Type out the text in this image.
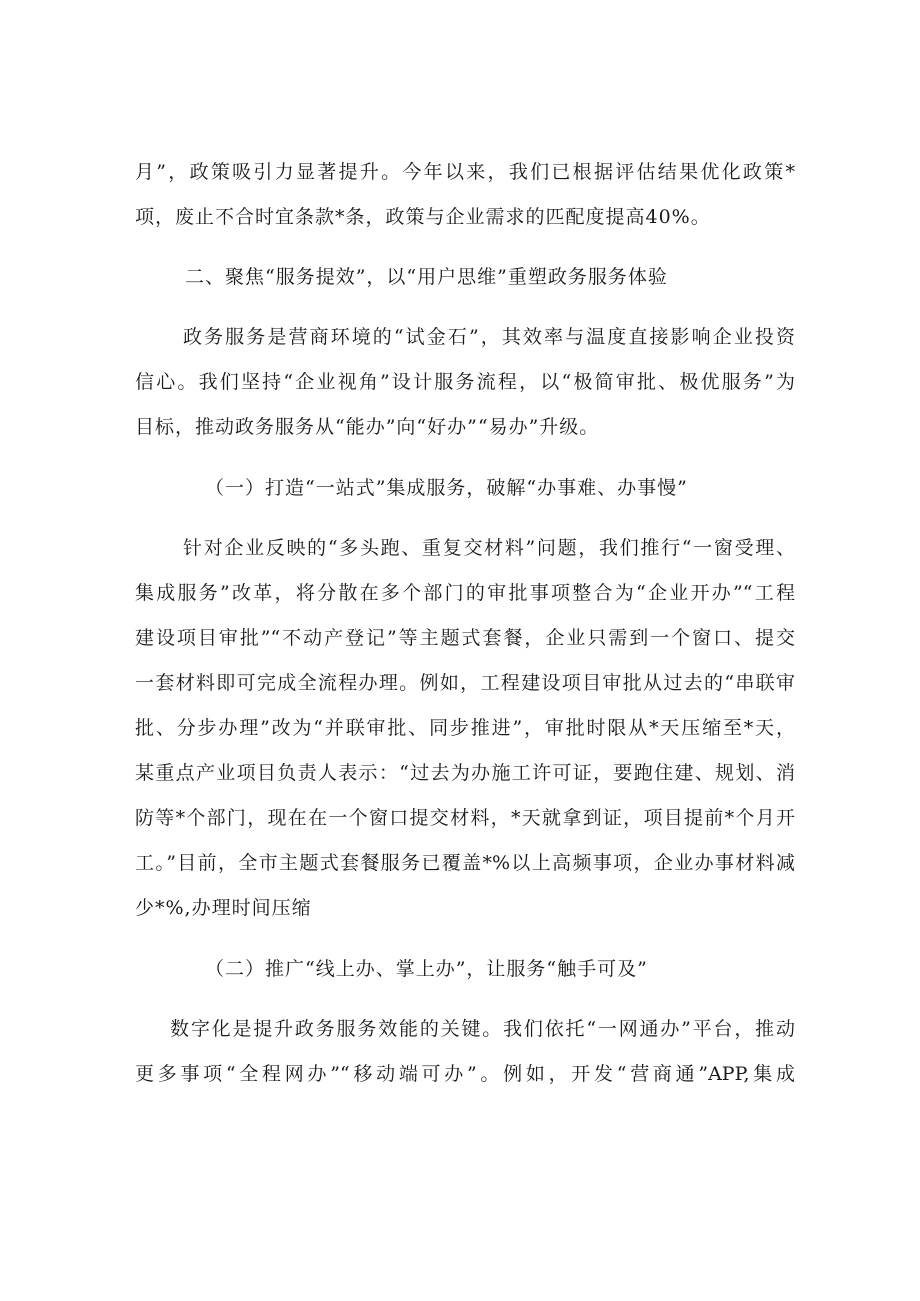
月”，政策吸引力显著提升。今年以来，我们已根据评估结果优化政策*
项，废止不合时宜条款*条，政策与企业需求的匹配度提高40%。
二、聚焦“服务提效”，以“用户思维”重塑政务服务体验
政务服务是营商环境的“试金石”，其效率与温度直接影响企业投资
信心。我们坚持“企业视角”设计服务流程，以“极简审批、极优服务”为
目标，推动政务服务从“能办”向“好办”“易办”升级。
（一）打造“一站式”集成服务，破解“办事难、办事慢”
针对企业反映的“多头跑、重复交材料”问题，我们推行“一窗受理、
集成服务”改革，将分散在多个部门的审批事项整合为“企业开办”“工程
建设项目审批”“不动产登记”等主题式套餐，企业只需到一个窗口、提交
一套材料即可完成全流程办理。例如，工程建设项目审批从过去的“串联审
批、分步办理”改为“并联审批、同步推进”，审批时限从*天压缩至*天，
某重点产业项目负责人表示：“过去为办施工许可证，要跑住建、规划、消
防等*个部门，现在在一个窗口提交材料，*天就拿到证，项目提前*个月开
工。”目前，全市主题式套餐服务已覆盖*%以上高频事项，企业办事材料减
少*%,办理时间压缩
（二）推广“线上办、掌上办”，让服务“触手可及”
数字化是提升政务服务效能的关键。我们依托“一网通办”平台，推动
更多事项“全程网办”“移动端可办”。例如，开发“营商通”APP,集成
